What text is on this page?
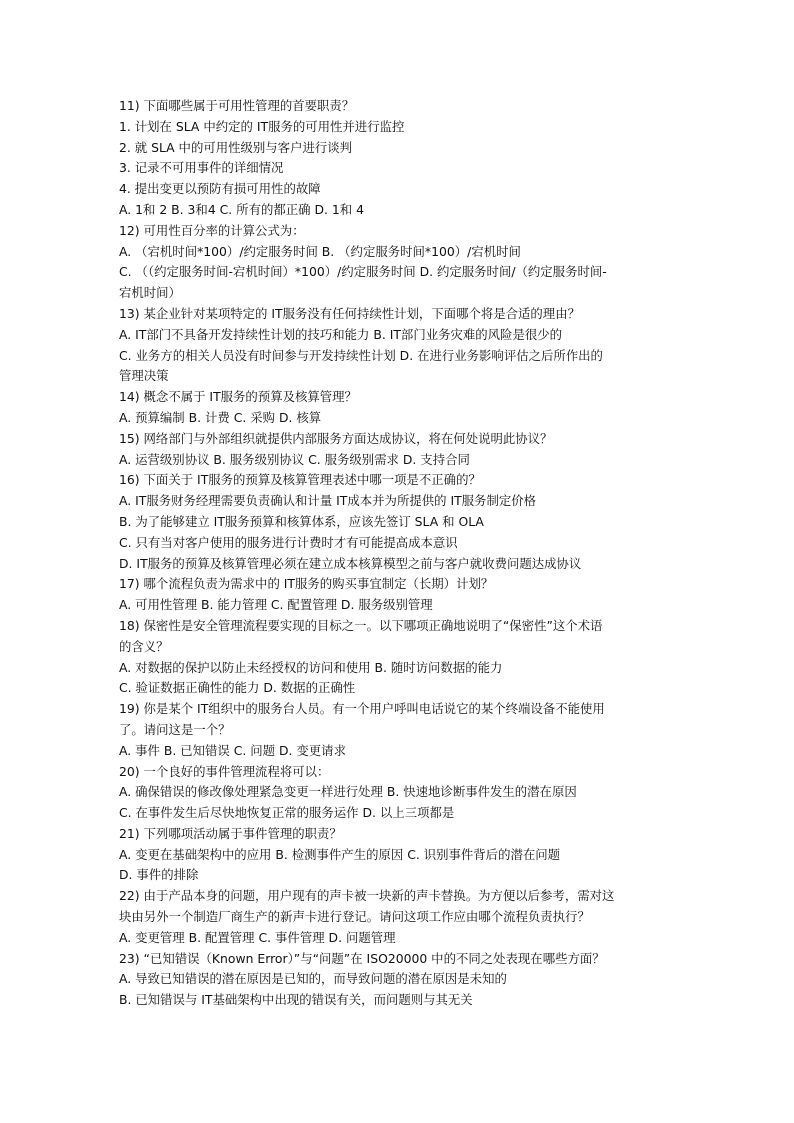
11) 下面哪些属于可用性管理的首要职责？
1. 计划在 SLA 中约定的 IT服务的可用性并进行监控
2. 就 SLA 中的可用性级别与客户进行谈判
3. 记录不可用事件的详细情况
4. 提出变更以预防有损可用性的故障
A. 1和 2 B. 3和4 C. 所有的都正确 D. 1和 4
12) 可用性百分率的计算公式为：
A. （宕机时间*100）/约定服务时间 B. （约定服务时间*100）/宕机时间
C. （（约定服务时间-宕机时间）*100）/约定服务时间 D. 约定服务时间/（约定服务时间-
宕机时间）
13) 某企业针对某项特定的 IT服务没有任何持续性计划，下面哪个将是合适的理由？
A. IT部门不具备开发持续性计划的技巧和能力 B. IT部门业务灾难的风险是很少的
C. 业务方的相关人员没有时间参与开发持续性计划 D. 在进行业务影响评估之后所作出的
管理决策
14) 概念不属于 IT服务的预算及核算管理？
A. 预算编制 B. 计费 C. 采购 D. 核算
15) 网络部门与外部组织就提供内部服务方面达成协议，将在何处说明此协议？
A. 运营级别协议 B. 服务级别协议 C. 服务级别需求 D. 支持合同
16) 下面关于 IT服务的预算及核算管理表述中哪一项是不正确的？
A. IT服务财务经理需要负责确认和计量 IT成本并为所提供的 IT服务制定价格
B. 为了能够建立 IT服务预算和核算体系，应该先签订 SLA 和 OLA
C. 只有当对客户使用的服务进行计费时才有可能提高成本意识
D. IT服务的预算及核算管理必须在建立成本核算模型之前与客户就收费问题达成协议
17) 哪个流程负责为需求中的 IT服务的购买事宜制定（长期）计划？
A. 可用性管理 B. 能力管理 C. 配置管理 D. 服务级别管理
18) 保密性是安全管理流程要实现的目标之一。以下哪项正确地说明了“保密性”这个术语
的含义？
A. 对数据的保护以防止未经授权的访问和使用 B. 随时访问数据的能力
C. 验证数据正确性的能力 D. 数据的正确性
19) 你是某个 IT组织中的服务台人员。有一个用户呼叫电话说它的某个终端设备不能使用
了。请问这是一个？
A. 事件 B. 已知错误 C. 问题 D. 变更请求
20) 一个良好的事件管理流程将可以：
A. 确保错误的修改像处理紧急变更一样进行处理 B. 快速地诊断事件发生的潜在原因
C. 在事件发生后尽快地恢复正常的服务运作 D. 以上三项都是
21) 下列哪项活动属于事件管理的职责？
A. 变更在基础架构中的应用 B. 检测事件产生的原因 C. 识别事件背后的潜在问题
D. 事件的排除
22) 由于产品本身的问题，用户现有的声卡被一块新的声卡替换。为方便以后参考，需对这
块由另外一个制造厂商生产的新声卡进行登记。请问这项工作应由哪个流程负责执行？
A. 变更管理 B. 配置管理 C. 事件管理 D. 问题管理
23) “已知错误（Known Error）”与“问题”在 ISO20000 中的不同之处表现在哪些方面？
A. 导致已知错误的潜在原因是已知的，而导致问题的潜在原因是未知的
B. 已知错误与 IT基础架构中出现的错误有关，而问题则与其无关
